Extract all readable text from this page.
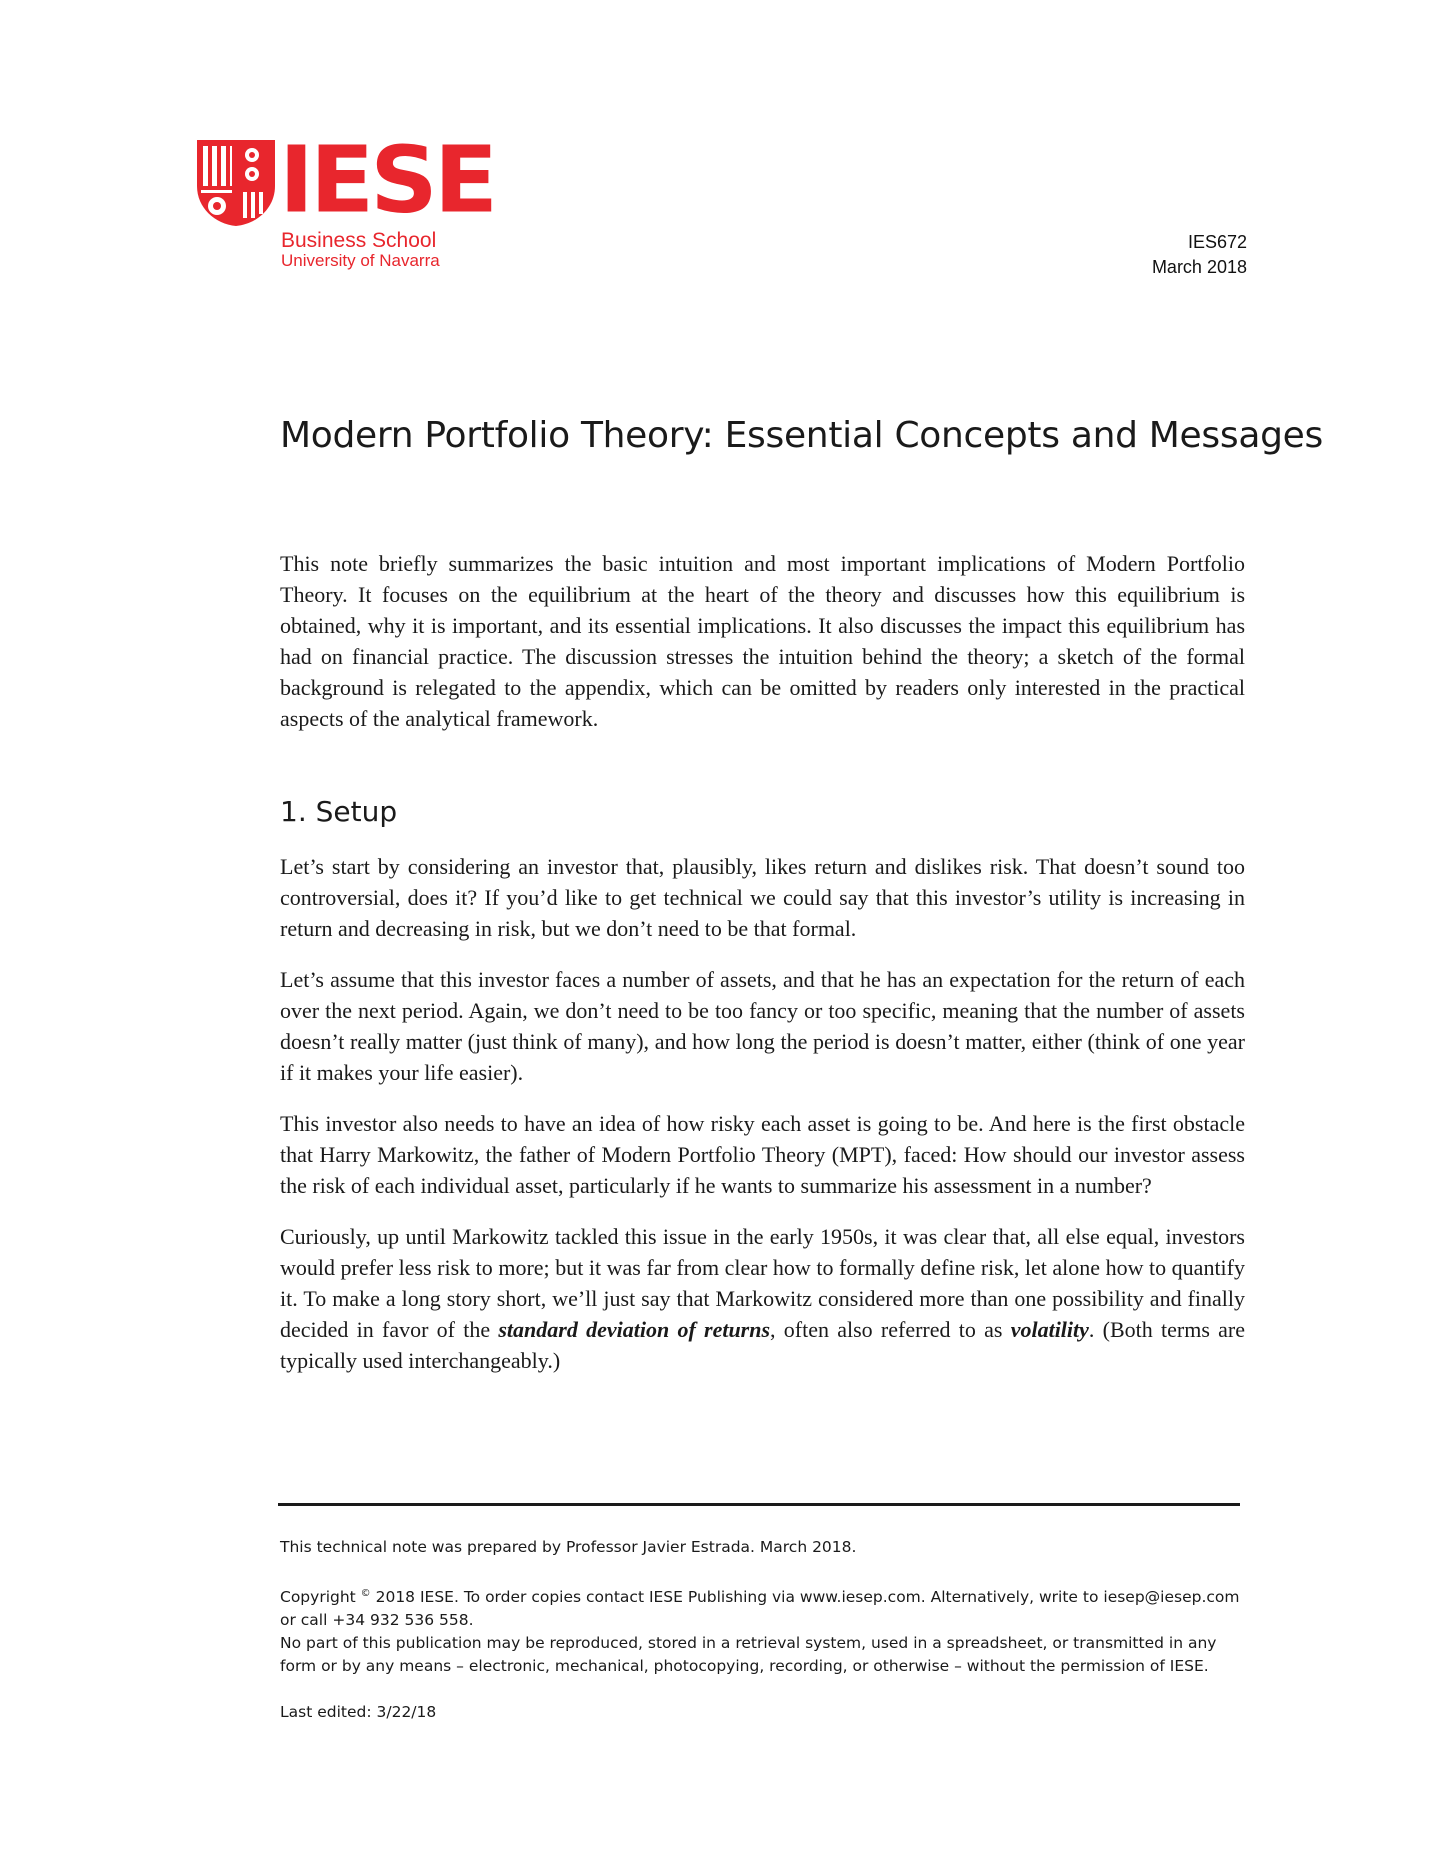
IESE
Business School
University of Navarra
IES672
March 2018
Modern Portfolio Theory: Essential Concepts and Messages

This note briefly summarizes the basic intuition and most important implications of Modern Portfolio Theory. It focuses on the equilibrium at the heart of the theory and discusses how this equilibrium is obtained, why it is important, and its essential implications. It also discusses the impact this equilibrium has had on financial practice. The discussion stresses the intuition behind the theory; a sketch of the formal background is relegated to the appendix, which can be omitted by readers only interested in the practical aspects of the analytical framework.

1. Setup

Let’s start by considering an investor that, plausibly, likes return and dislikes risk. That doesn’t sound too controversial, does it? If you’d like to get technical we could say that this investor’s utility is increasing in return and decreasing in risk, but we don’t need to be that formal.

Let’s assume that this investor faces a number of assets, and that he has an expectation for the return of each over the next period. Again, we don’t need to be too fancy or too specific, meaning that the number of assets doesn’t really matter (just think of many), and how long the period is doesn’t matter, either (think of one year if it makes your life easier).

This investor also needs to have an idea of how risky each asset is going to be. And here is the first obstacle that Harry Markowitz, the father of Modern Portfolio Theory (MPT), faced: How should our investor assess the risk of each individual asset, particularly if he wants to summarize his assessment in a number?

Curiously, up until Markowitz tackled this issue in the early 1950s, it was clear that, all else equal, investors would prefer less risk to more; but it was far from clear how to formally define risk, let alone how to quantify it. To make a long story short, we’ll just say that Markowitz considered more than one possibility and finally decided in favor of the standard deviation of returns, often also referred to as volatility. (Both terms are typically used interchangeably.)

This technical note was prepared by Professor Javier Estrada. March 2018.

Copyright © 2018 IESE. To order copies contact IESE Publishing via www.iesep.com. Alternatively, write to iesep@iesep.com or call +34 932 536 558.

No part of this publication may be reproduced, stored in a retrieval system, used in a spreadsheet, or transmitted in any form or by any means – electronic, mechanical, photocopying, recording, or otherwise – without the permission of IESE.

Last edited: 3/22/18
